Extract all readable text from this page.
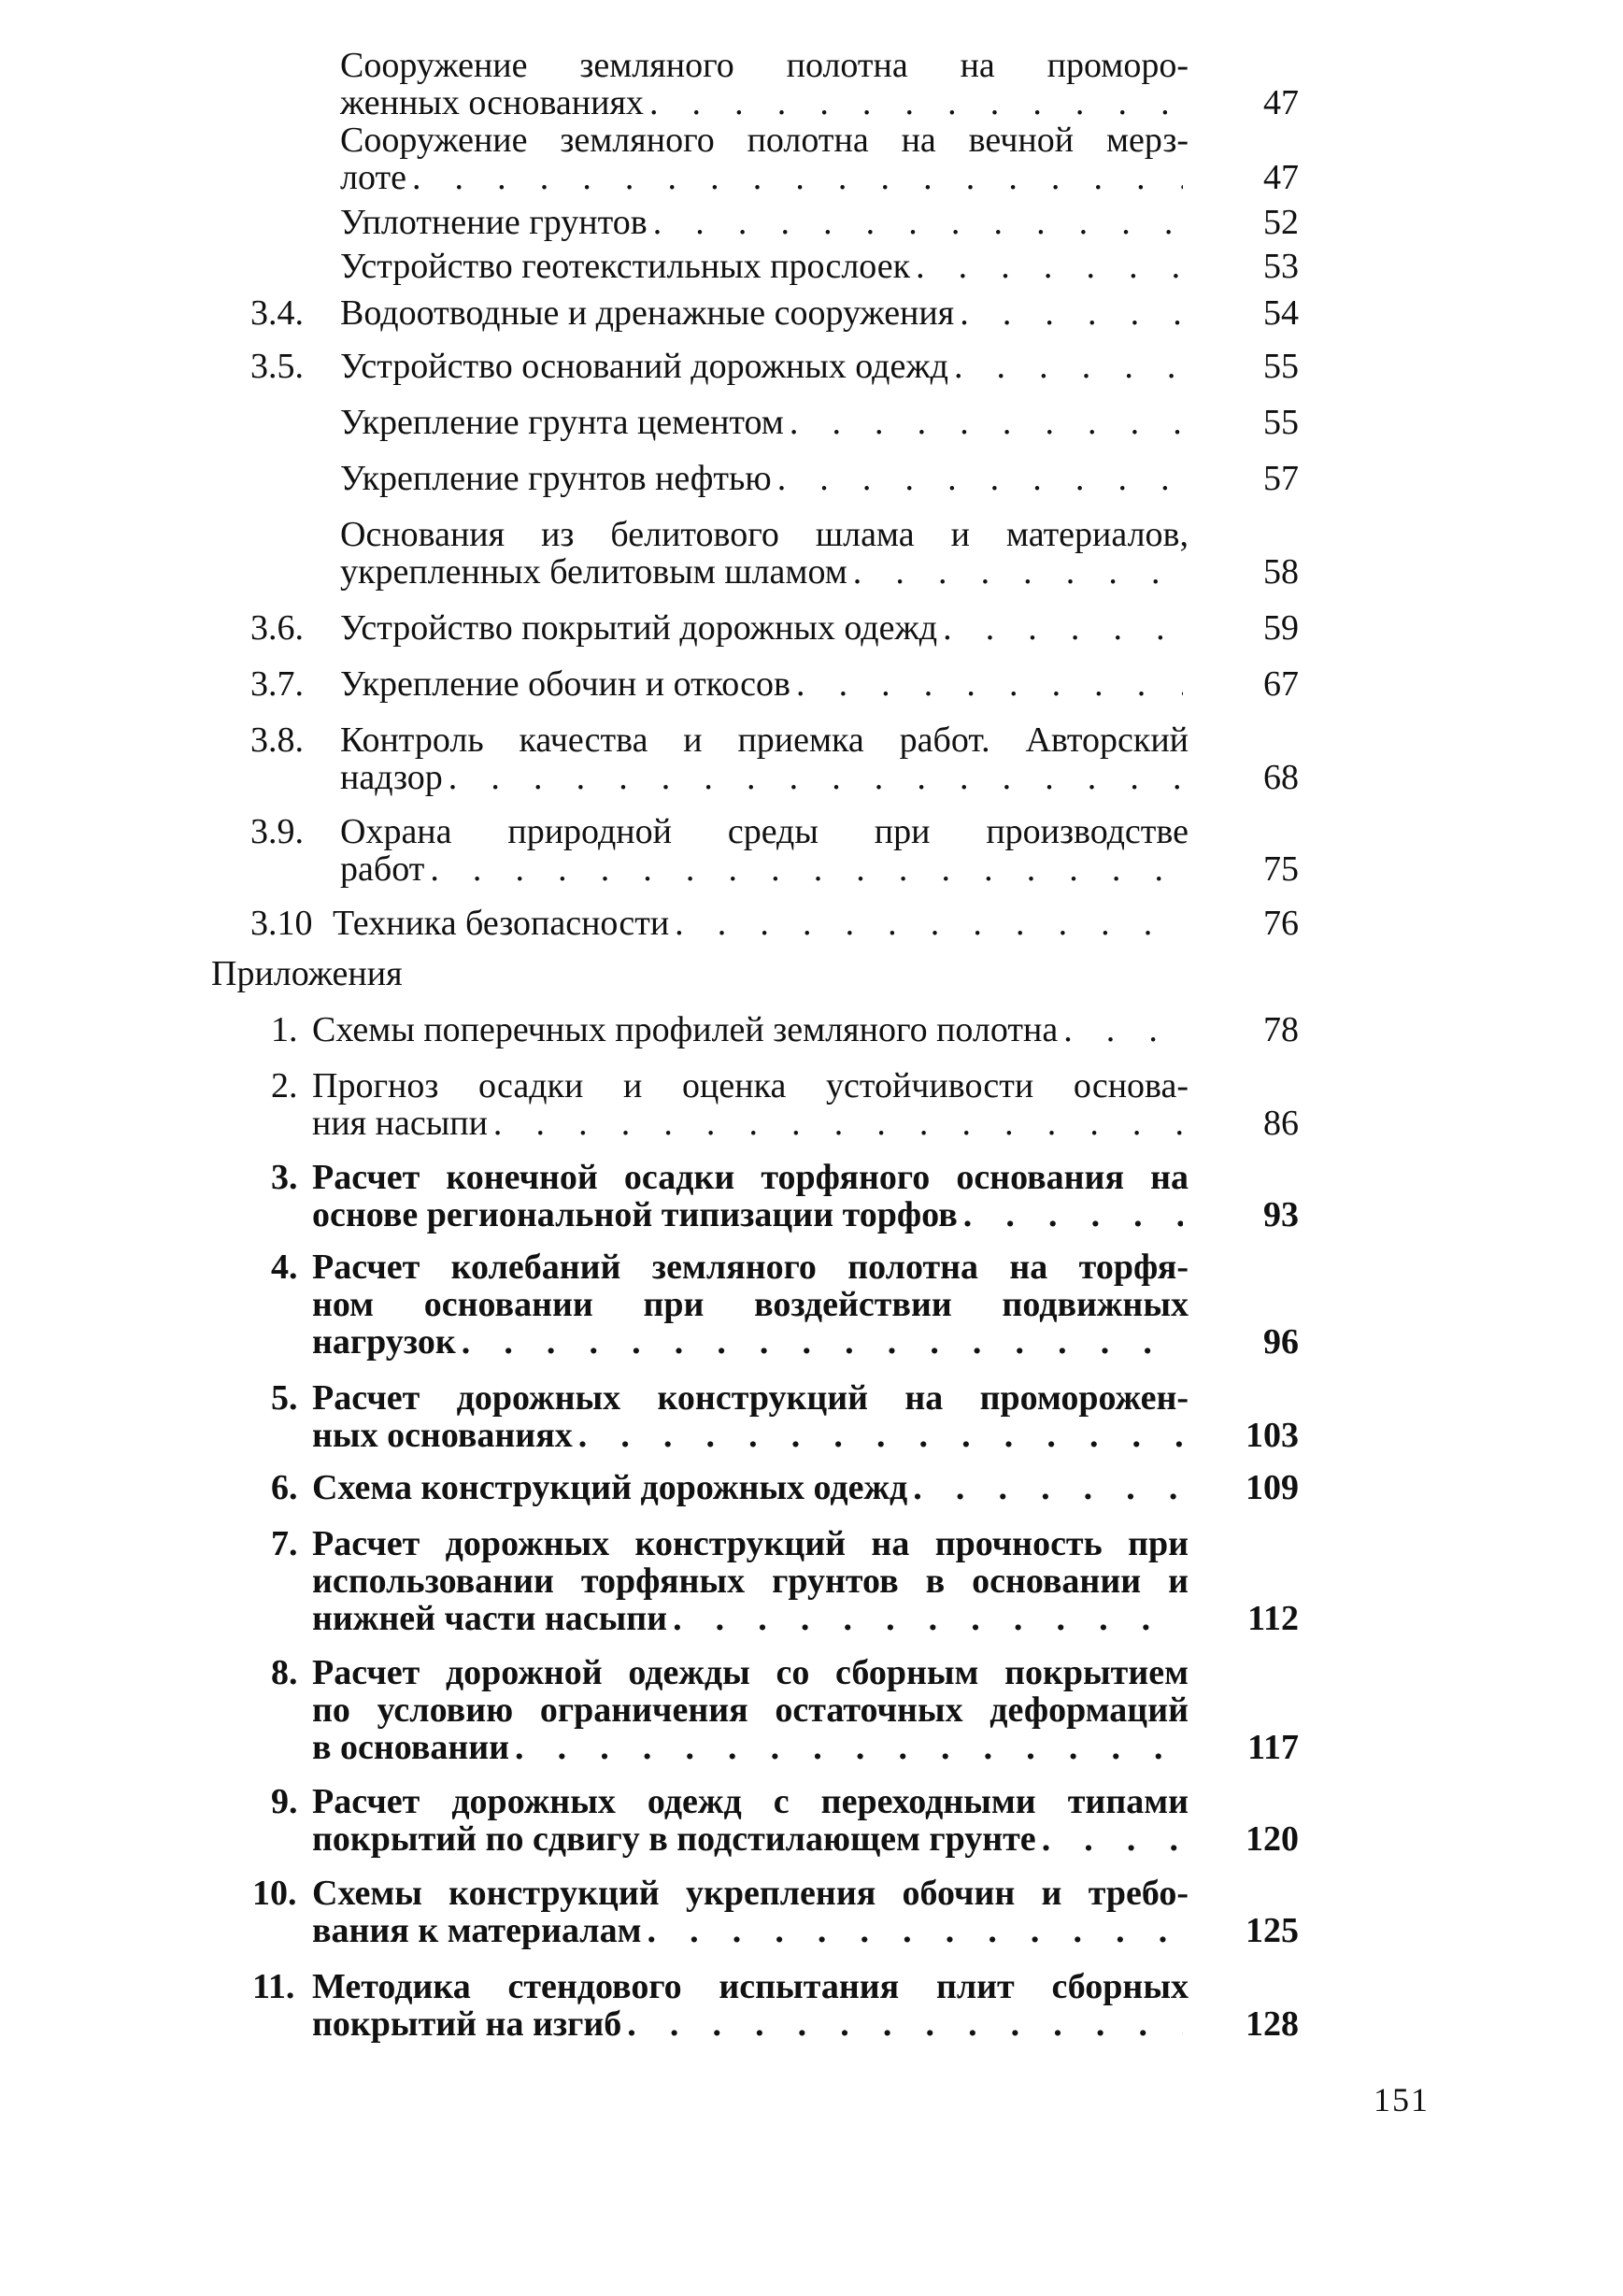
Сооружение земляного полотна на проморо-
женных основаниях . . .	47
Сооружение земляного полотна на вечной мерз-
лоте . . .	47
Уплотнение грунтов . . .	52
Устройство геотекстильных прослоек . . .	53
3.4. Водоотводные и дренажные сооружения . . .	54
3.5. Устройство оснований дорожных одежд . . .	55
Укрепление грунта цементом . . .	55
Укрепление грунтов нефтью . . .	57
Основания из белитового шлама и материалов,
укрепленных белитовым шламом . . .	58
3.6. Устройство покрытий дорожных одежд . . .	59
3.7. Укрепление обочин и откосов . . .	67
3.8. Контроль качества и приемка работ. Авторский
надзор . . .	68
3.9. Охрана природной среды при производстве
работ . . .	75
3.10 Техника безопасности . . .	76
Приложения
1. Схемы поперечных профилей земляного полотна . . .	78
2. Прогноз осадки и оценка устойчивости основа-
ния насыпи . . .	86
3. Расчет конечной осадки торфяного основания на
основе региональной типизации торфов . . .	93
4. Расчет колебаний земляного полотна на торфя-
ном основании при воздействии подвижных
нагрузок . . .	96
5. Расчет дорожных конструкций на проморожен-
ных основаниях . . .	103
6. Схема конструкций дорожных одежд . . .	109
7. Расчет дорожных конструкций на прочность при
использовании торфяных грунтов в основании и
нижней части насыпи . . .	112
8. Расчет дорожной одежды со сборным покрытием
по условию ограничения остаточных деформаций
в основании . . .	117
9. Расчет дорожных одежд с переходными типами
покрытий по сдвигу в подстилающем грунте . . .	120
10. Схемы конструкций укрепления обочин и требо-
вания к материалам . . .	125
11. Методика стендового испытания плит сборных
покрытий на изгиб . . .	128
151
